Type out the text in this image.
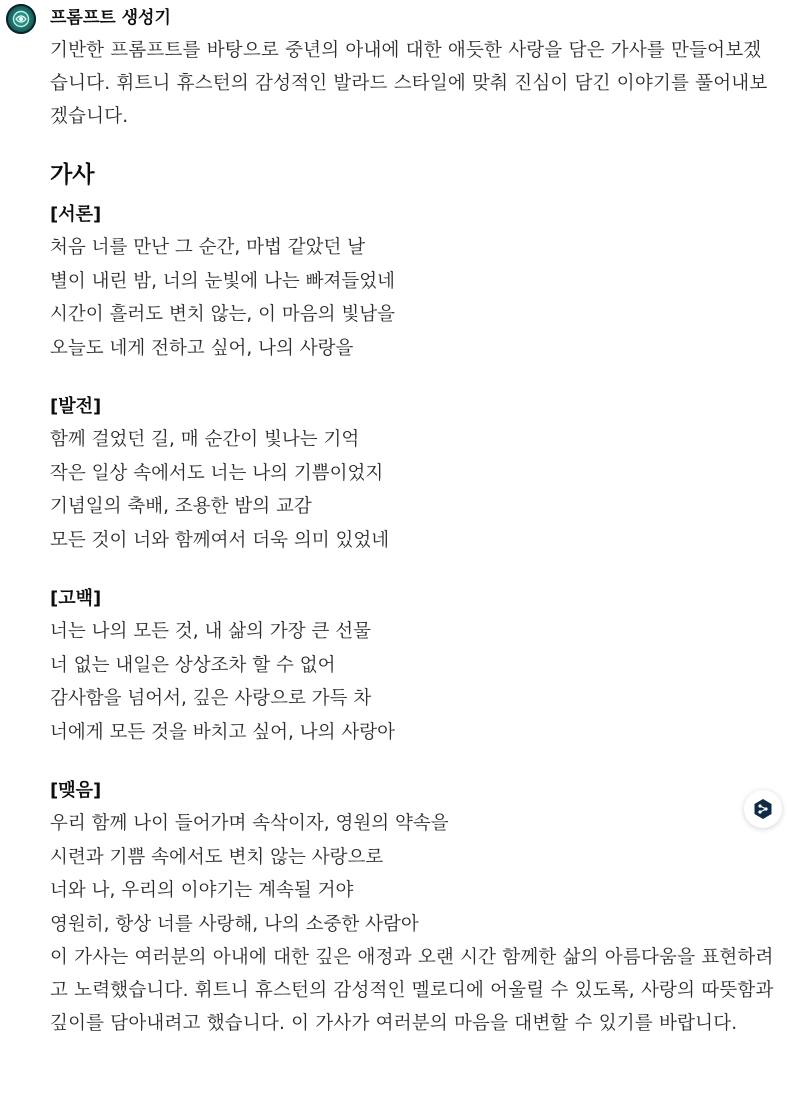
프롬프트 생성기

기반한 프롬프트를 바탕으로 중년의 아내에 대한 애듯한 사랑을 담은 가사를 만들어보겠습니다. 휘트니 휴스턴의 감성적인 발라드 스타일에 맞춰 진심이 담긴 이야기를 풀어내보겠습니다.

가사
[서론]
처음 너를 만난 그 순간, 마법 같았던 날
별이 내린 밤, 너의 눈빛에 나는 빠져들었네
시간이 흘러도 변치 않는, 이 마음의 빛남을
오늘도 네게 전하고 싶어, 나의 사랑을
[발전]
함께 걸었던 길, 매 순간이 빛나는 기억
작은 일상 속에서도 너는 나의 기쁨이었지
기념일의 축배, 조용한 밤의 교감
모든 것이 너와 함께여서 더욱 의미 있었네
[고백]
너는 나의 모든 것, 내 삶의 가장 큰 선물
너 없는 내일은 상상조차 할 수 없어
감사함을 넘어서, 깊은 사랑으로 가득 차
너에게 모든 것을 바치고 싶어, 나의 사랑아
[맺음]
우리 함께 나이 들어가며 속삭이자, 영원의 약속을
시련과 기쁨 속에서도 변치 않는 사랑으로
너와 나, 우리의 이야기는 계속될 거야
영원히, 항상 너를 사랑해, 나의 소중한 사람아

이 가사는 여러분의 아내에 대한 깊은 애정과 오랜 시간 함께한 삶의 아름다움을 표현하려고 노력했습니다. 휘트니 휴스턴의 감성적인 멜로디에 어울릴 수 있도록, 사랑의 따뜻함과 깊이를 담아내려고 했습니다. 이 가사가 여러분의 마음을 대변할 수 있기를 바랍니다.
